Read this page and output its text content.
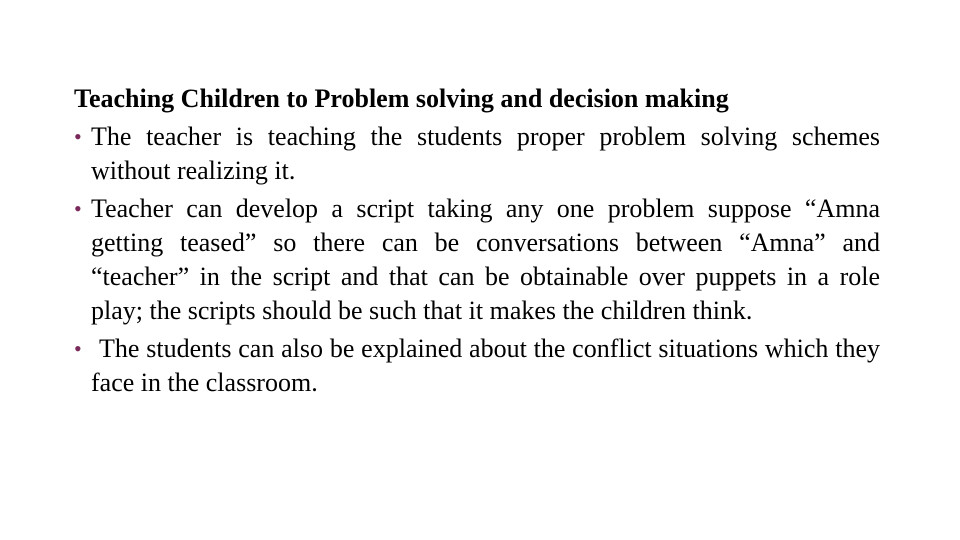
Teaching Children to Problem solving and decision making
• The teacher is teaching the students proper problem solving schemes without realizing it.
• Teacher can develop a script taking any one problem suppose “Amna getting teased” so there can be conversations between “Amna” and “teacher” in the script and that can be obtainable over puppets in a role play; the scripts should be such that it makes the children think.
• The students can also be explained about the conflict situations which they face in the classroom.
